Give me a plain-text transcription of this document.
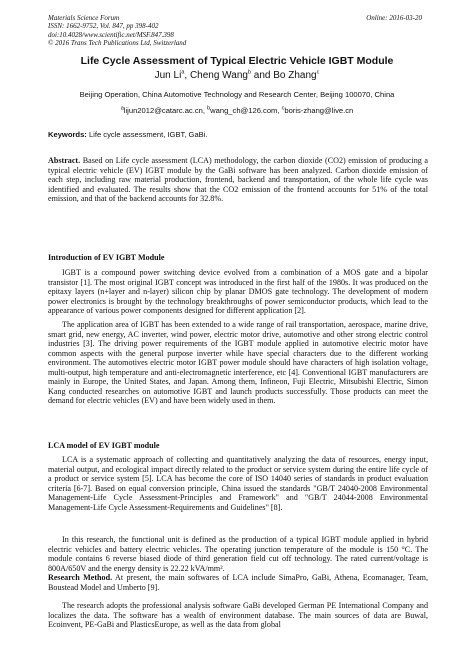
Materials Science Forum
ISSN: 1662-9752, Vol. 847, pp 398-402
doi:10.4028/www.scientific.net/MSF.847.398
© 2016 Trans Tech Publications Ltd, Switzerland
Online: 2016-03-20
Life Cycle Assessment of Typical Electric Vehicle IGBT Module
Jun Li$^a$, Cheng Wang$^b$ and Bo Zhang$^c$
Beijing Operation, China Automotive Technology and Research Center, Beijing 100070, China
$^a$lijun2012@catarc.ac.cn, $^b$wang_ch@126.com, $^c$boris-zhang@live.cn
Keywords: Life cycle assessment, IGBT, GaBi.
Abstract. Based on Life cycle assessment (LCA) methodology, the carbon dioxide (CO2) emission of producing a typical electric vehicle (EV) IGBT module by the GaBi software has been analyzed. Carbon dioxide emission of each step, including raw material production, frontend, backend and transportation, of the whole life cycle was identified and evaluated. The results show that the CO2 emission of the frontend accounts for 51% of the total emission, and that of the backend accounts for 32.8%.
Introduction of EV IGBT Module

IGBT is a compound power switching device evolved from a combination of a MOS gate and a bipolar transistor [1]. The most original IGBT concept was introduced in the first half of the 1980s. It was produced on the epitaxy layers (n+layer and n-layer) silicon chip by planar DMOS gate technology. The development of modern power electronics is brought by the technology breakthroughs of power semiconductor products, which lead to the appearance of various power components designed for different application [2].

The application area of IGBT has been extended to a wide range of rail transportation, aerospace, marine drive, smart grid, new energy, AC inverter, wind power, electric motor drive, automotive and other strong electric control industries [3]. The driving power requirements of the IGBT module applied in automotive electric motor have common aspects with the general purpose inverter while have special characters due to the different working environment. The automotives electric motor IGBT power module should have characters of high isolation voltage, multi-output, high temperature and anti-electromagnetic interference, etc [4]. Conventional IGBT manufacturers are mainly in Europe, the United States, and Japan. Among them, Infineon, Fuji Electric, Mitsubishi Electric, Simon Kang conducted researches on automotive IGBT and launch products successfully. Those products can meet the demand for electric vehicles (EV) and have been widely used in them.

LCA model of EV IGBT module

LCA is a systematic approach of collecting and quantitatively analyzing the data of resources, energy input, material output, and ecological impact directly related to the product or service system during the entire life cycle of a product or service system [5]. LCA has become the core of ISO 14040 series of standards in product evaluation criteria [6-7]. Based on equal conversion principle, China issued the standards "GB/T 24040-2008 Environmental Management-Life Cycle Assessment-Principles and Framework" and "GB/T 24044-2008 Environmental Management-Life Cycle Assessment-Requirements and Guidelines" [8].

In this research, the functional unit is defined as the production of a typical IGBT module applied in hybrid electric vehicles and battery electric vehicles. The operating junction temperature of the module is 150 °C. The module contains 6 reverse biased diode of third generation field cut off technology. The rated current/voltage is 800A/650V and the energy density is 22.22 kVA/mm².

Research Method. At present, the main softwares of LCA include SimaPro, GaBi, Athena, Ecomanager, Team, Boustead Model and Umberto [9].

The research adopts the professional analysis software GaBi developed German PE International Company and localizes the data. The software has a wealth of environment database. The main sources of data are Buwal, Ecoinvent, PE-GaBi and PlasticsEurope, as well as the data from global
